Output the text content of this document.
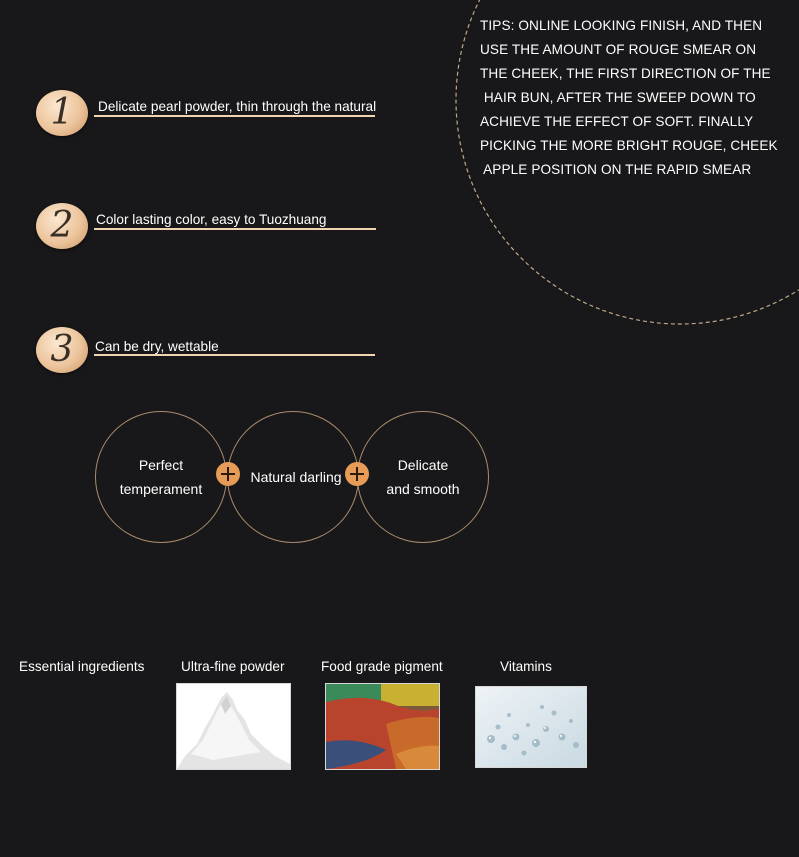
TIPS: ONLINE LOOKING FINISH, AND THEN
USE THE AMOUNT OF ROUGE SMEAR ON
THE CHEEK, THE FIRST DIRECTION OF THE
HAIR BUN, AFTER THE SWEEP DOWN TO
ACHIEVE THE EFFECT OF SOFT. FINALLY
PICKING THE MORE BRIGHT ROUGE, CHEEK
APPLE POSITION ON THE RAPID SMEAR
1	Delicate pearl powder, thin through the natural
2	Color lasting color, easy to Tuozhuang
3	Can be dry, wettable
Perfect
temperament
Natural darling
Delicate
and smooth
Essential ingredients	Ultra-fine powder	Food grade pigment	Vitamins
